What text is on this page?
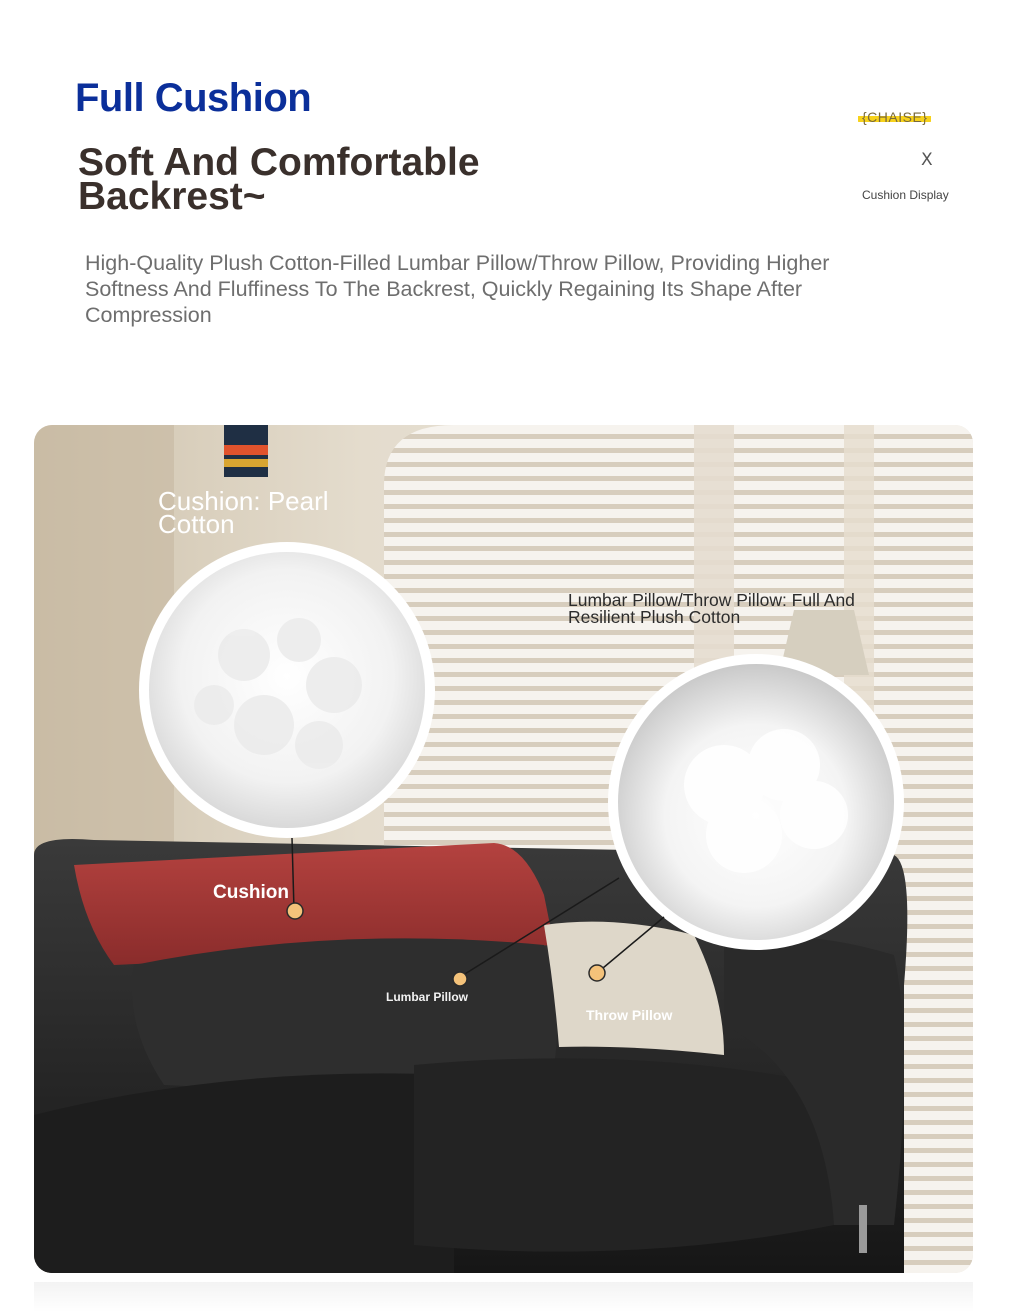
Full Cushion
Soft And Comfortable Backrest~

High-Quality Plush Cotton-Filled Lumbar Pillow/Throw Pillow, Providing Higher Softness And Fluffiness To The Backrest, Quickly Regaining Its Shape After Compression

{CHAISE}
X
Cushion Display
Cushion: Pearl Cotton
Lumbar Pillow/Throw Pillow: Full And Resilient Plush Cotton
Cushion
Lumbar Pillow
Throw Pillow
